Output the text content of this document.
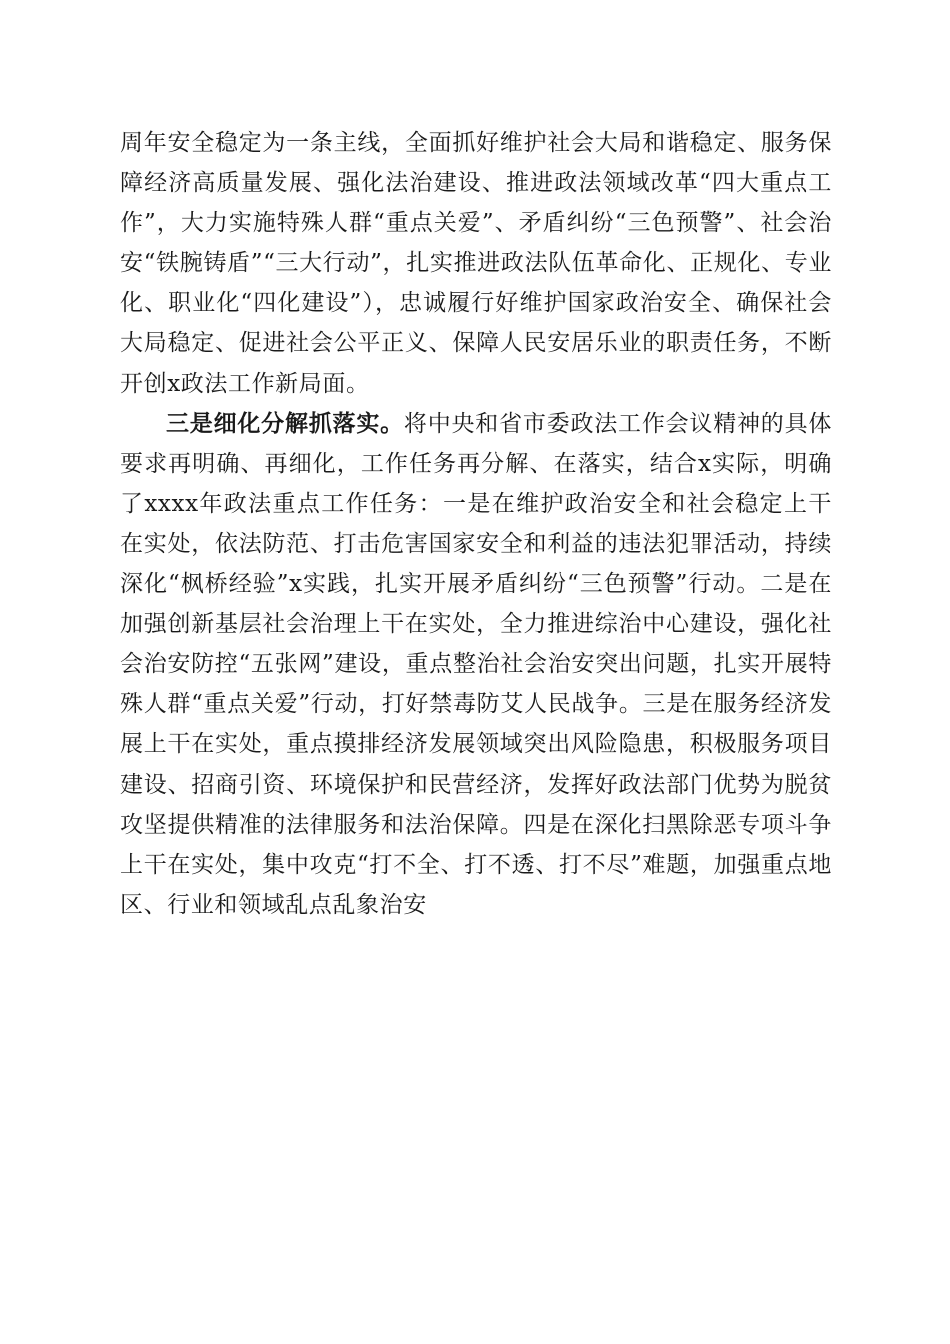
周年安全稳定为一条主线，全面抓好维护社会大局和谐稳定、服务保障经济高质量发展、强化法治建设、推进政法领域改革“四大重点工作”，大力实施特殊人群“重点关爱”、矛盾纠纷“三色预警”、社会治安“铁腕铸盾”“三大行动”，扎实推进政法队伍革命化、正规化、专业化、职业化“四化建设”），忠诚履行好维护国家政治安全、确保社会大局稳定、促进社会公平正义、保障人民安居乐业的职责任务，不断开创x政法工作新局面。

三是细化分解抓落实。将中央和省市委政法工作会议精神的具体要求再明确、再细化，工作任务再分解、在落实，结合x实际，明确了xxxx年政法重点工作任务：一是在维护政治安全和社会稳定上干在实处，依法防范、打击危害国家安全和利益的违法犯罪活动，持续深化“枫桥经验”x实践，扎实开展矛盾纠纷“三色预警”行动。二是在加强创新基层社会治理上干在实处，全力推进综治中心建设，强化社会治安防控“五张网”建设，重点整治社会治安突出问题，扎实开展特殊人群“重点关爱”行动，打好禁毒防艾人民战争。三是在服务经济发展上干在实处，重点摸排经济发展领域突出风险隐患，积极服务项目建设、招商引资、环境保护和民营经济，发挥好政法部门优势为脱贫攻坚提供精准的法律服务和法治保障。四是在深化扫黑除恶专项斗争上干在实处，集中攻克“打不全、打不透、打不尽”难题，加强重点地区、行业和领域乱点乱象治安
